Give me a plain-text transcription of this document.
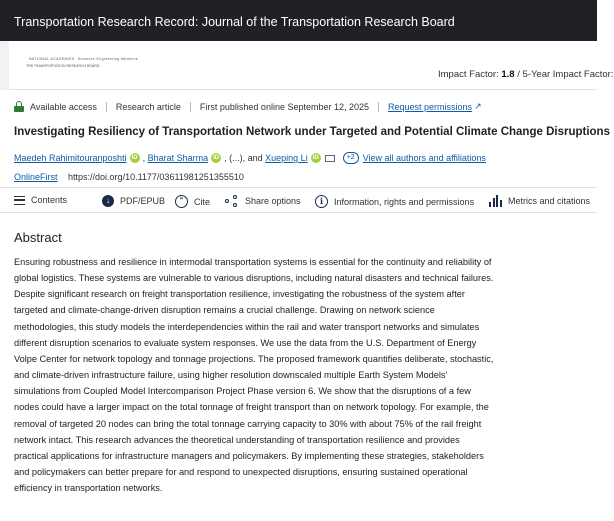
Transportation Research Record: Journal of the Transportation Research Board
NATIONAL ACADEMIES Sciences Engineering Medicine
TRB TRANSPORTATION RESEARCH BOARD
Impact Factor: 1.8 / 5-Year Impact Factor:
Available access Research article First published online September 12, 2025 Request permissions ↗
Investigating Resiliency of Transportation Network under Targeted and Potential Climate Change Disruptions
Maedeh Rahimitouranposhti iD , Bharat Sharma iD , (...), and
Xueping Li iD	+2 View all authors and affiliations
OnlineFirst https://doi.org/10.1177/03611981251355510
Contents	↓	PDF/EPUB	❞	Cite	Share options	i	Information, rights and permissions	Metrics and citations
Abstract
Ensuring robustness and resilience in intermodal transportation systems is essential for the continuity and reliability of global logistics. These systems are vulnerable to various disruptions, including natural disasters and technical failures. Despite significant research on freight transportation resilience, investigating the robustness of the system after targeted and climate-change-driven disruption remains a crucial challenge. Drawing on network science methodologies, this study models the interdependencies within the rail and water transport networks and simulates different disruption scenarios to evaluate system responses. We use the data from the U.S. Department of Energy Volpe Center for network topology and tonnage projections. The proposed framework quantifies deliberate, stochastic, and climate-driven infrastructure failure, using higher resolution downscaled multiple Earth System Models' simulations from Coupled Model Intercomparison Project Phase version 6. We show that the disruptions of a few nodes could have a larger impact on the total tonnage of freight transport than on network topology. For example, the removal of targeted 20 nodes can bring the total tonnage carrying capacity to 30% with about 75% of the rail freight network intact. This research advances the theoretical understanding of transportation resilience and provides practical applications for infrastructure managers and policymakers. By implementing these strategies, stakeholders and policymakers can better prepare for and respond to unexpected disruptions, ensuring sustained operational efficiency in transportation networks.
